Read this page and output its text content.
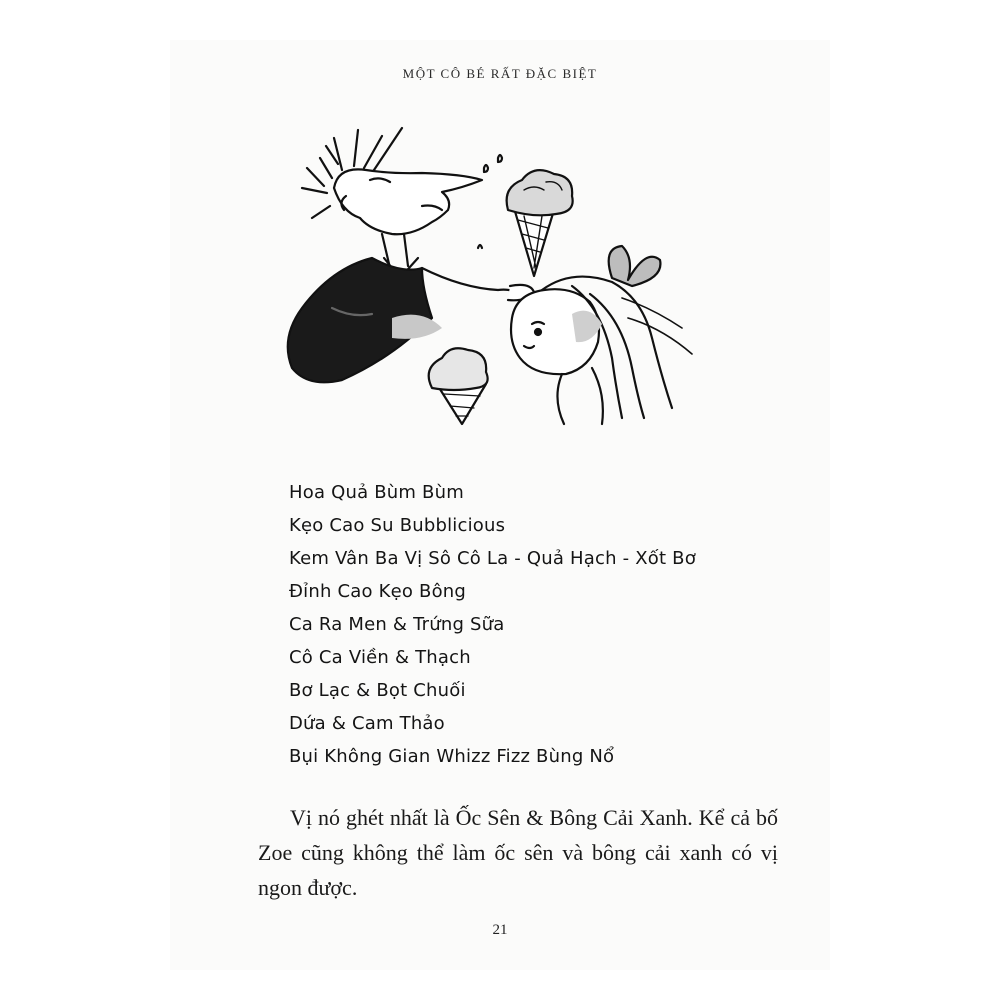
MỘT CÔ BÉ RẤT ĐẶC BIỆT
Hoa Quả Bùm Bùm
Kẹo Cao Su Bubblicious
Kem Vân Ba Vị Sô Cô La - Quả Hạch - Xốt Bơ
Đỉnh Cao Kẹo Bông
Ca Ra Men & Trứng Sữa
Cô Ca Viền & Thạch
Bơ Lạc & Bọt Chuối
Dứa & Cam Thảo
Bụi Không Gian Whizz Fizz Bùng Nổ

Vị nó ghét nhất là Ốc Sên & Bông Cải Xanh. Kể cả bố Zoe cũng không thể làm ốc sên và bông cải xanh có vị ngon được.

21
